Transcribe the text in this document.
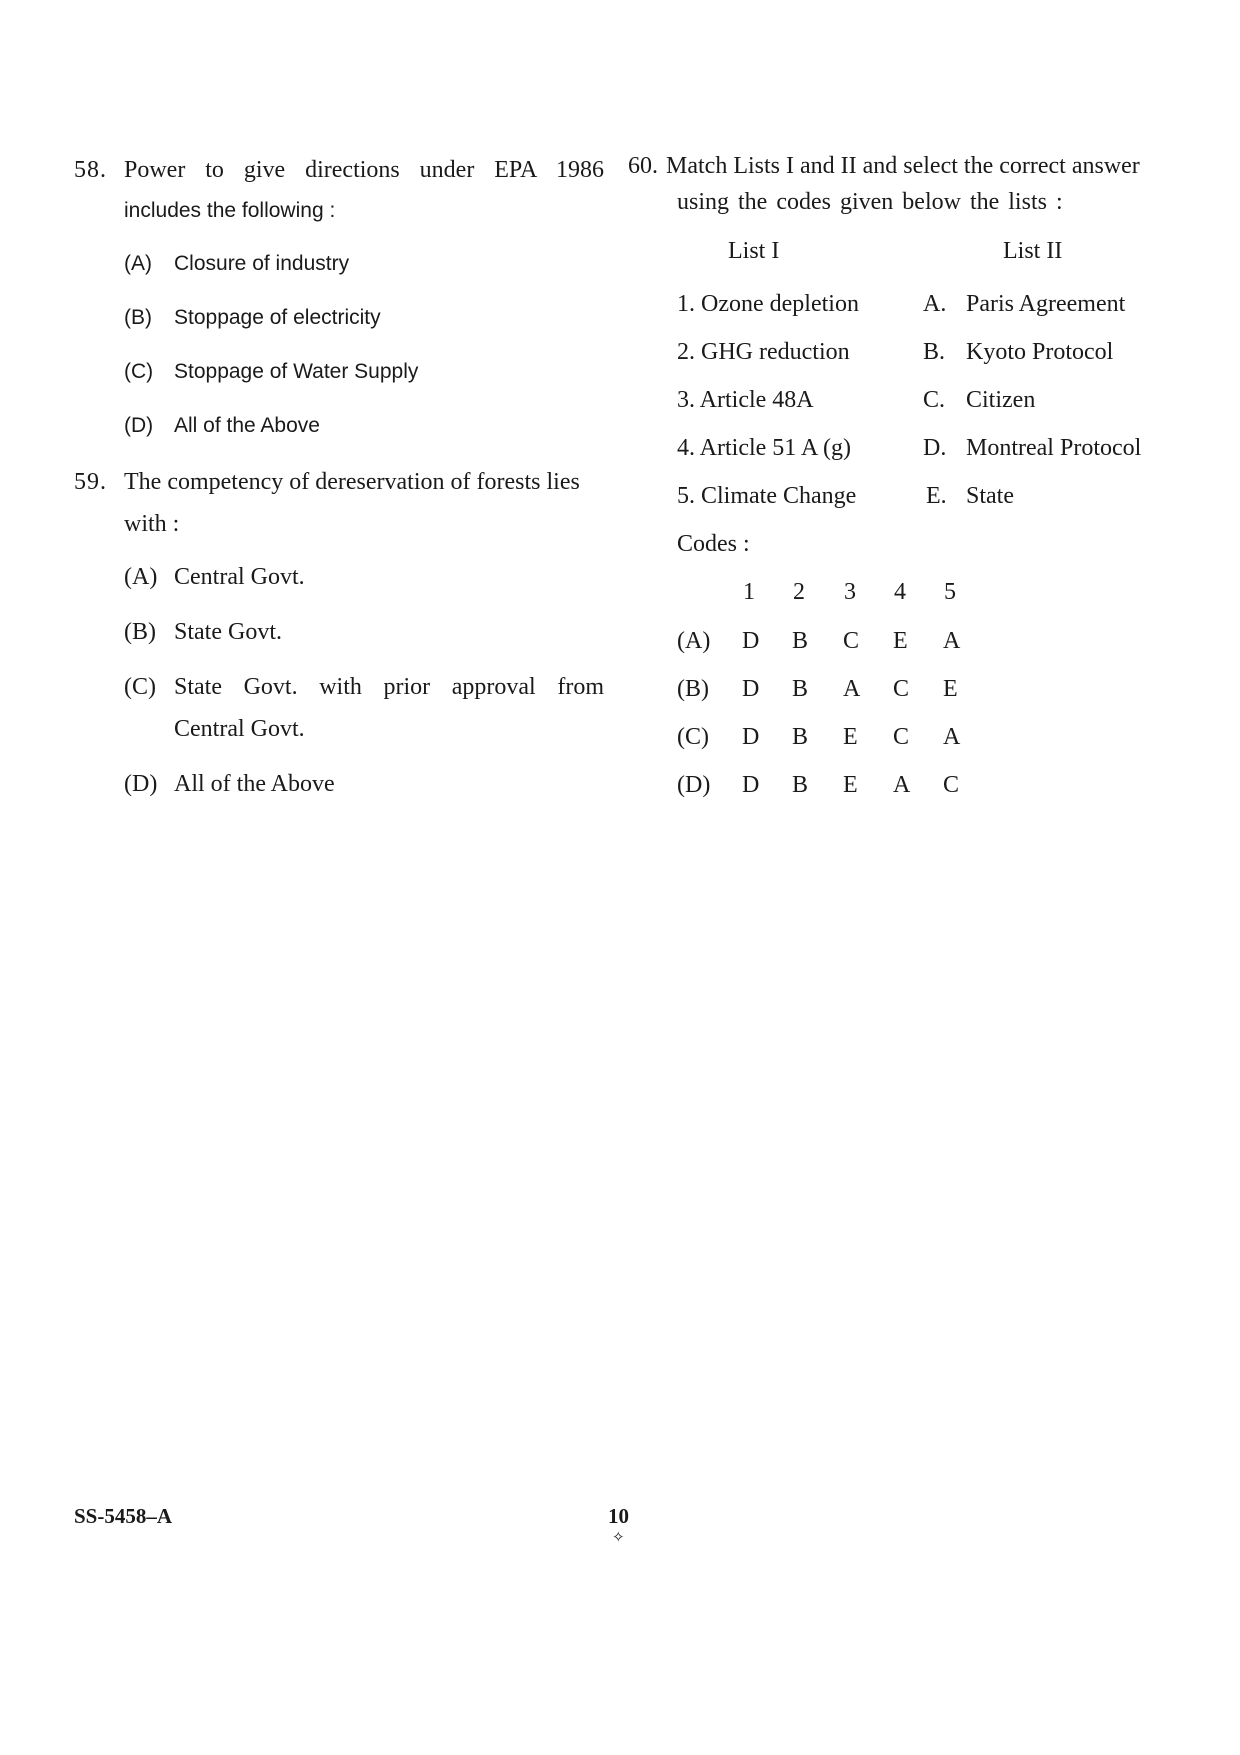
58. Power to give directions under EPA 1986
includes the following :
(A) Closure of industry
(B) Stoppage of electricity
(C) Stoppage of Water Supply
(D) All of the Above
59. The competency of dereservation of forests lies
with :
(A) Central Govt.
(B) State Govt.
(C) State Govt. with prior approval from
Central Govt.
(D) All of the Above
60. Match Lists I and II and select the correct answer
using the codes given below the lists :
List I	List II
1. Ozone depletion
2. GHG reduction
3. Article 48A
4. Article 51 A (g)
5. Climate Change
A. Paris Agreement
B. Kyoto Protocol
C. Citizen
D. Montreal Protocol
E. State
Codes :
1 2 3 4 5
(A) D B C E A
(B) D B A C E
(C) D B E C A
(D) D B E A C
SS-5458–A	10
✧
